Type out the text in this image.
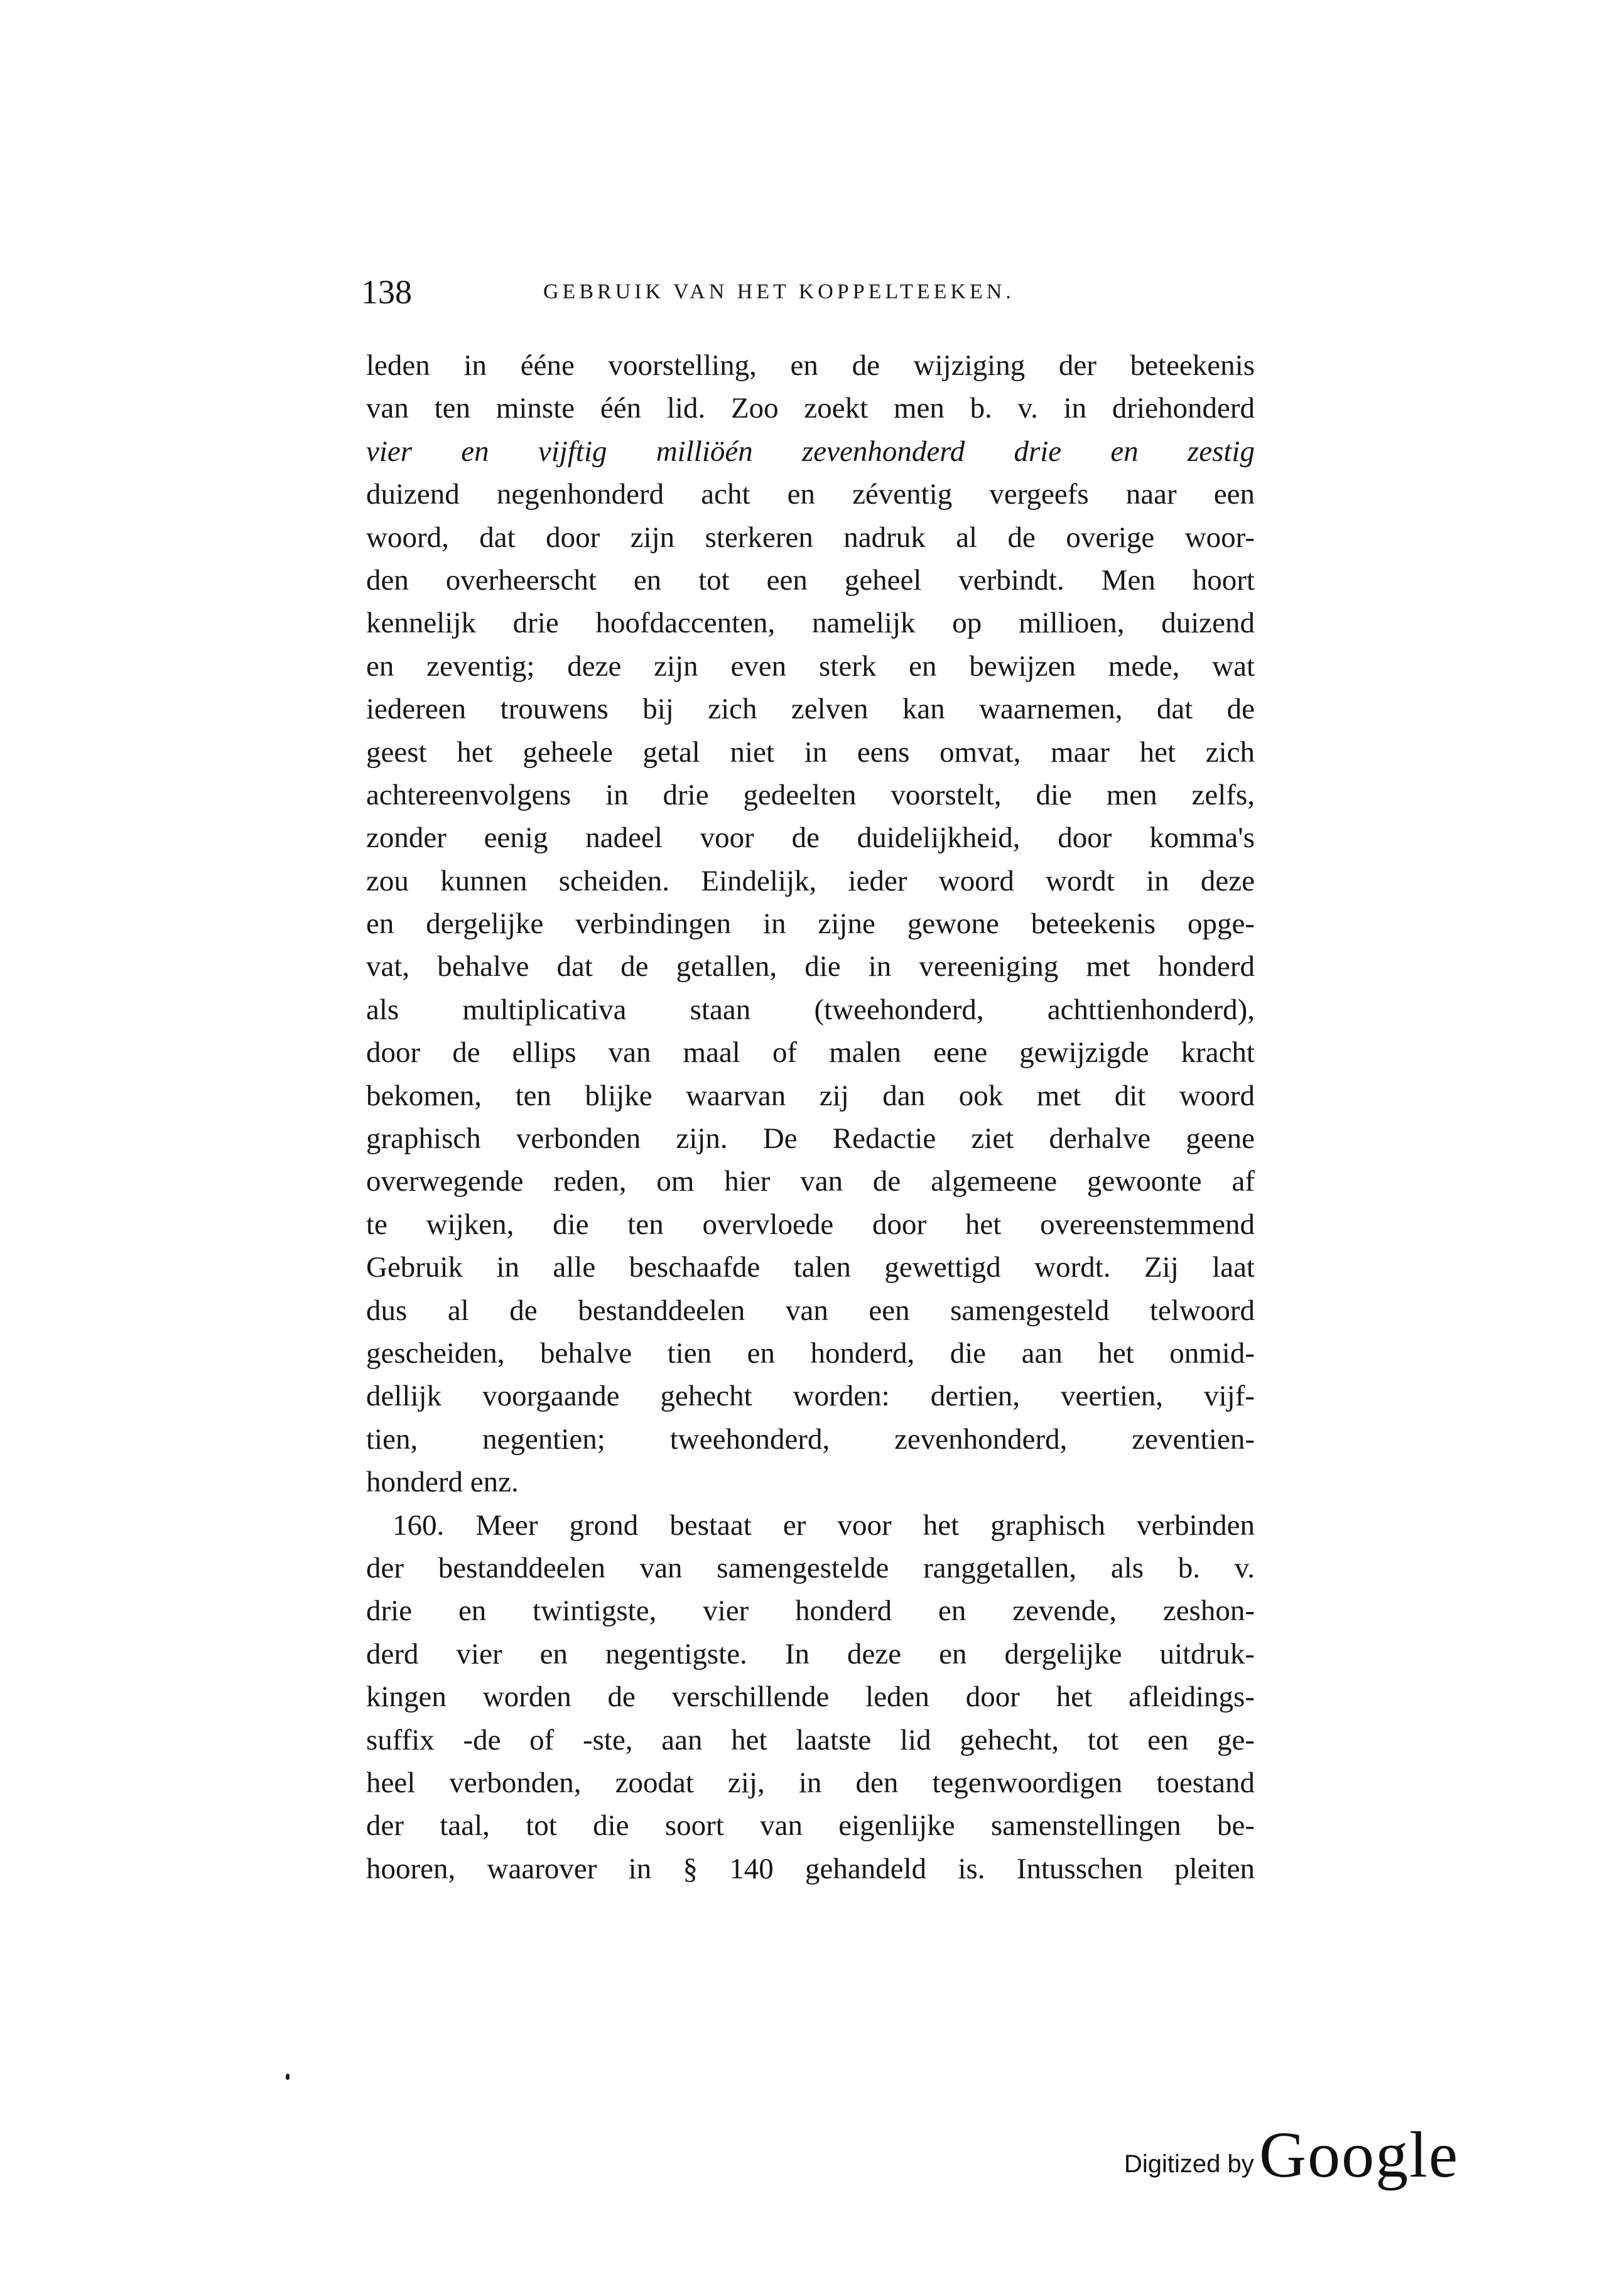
138	GEBRUIK VAN HET KOPPELTEEKEN.
leden in ééne voorstelling, en de wijziging der beteekenis
van ten minste één lid. Zoo zoekt men b. v. in driehonderd
vier en vijftig milliöén zevenhonderd drie en zestig
duizend negenhonderd acht en zéventig vergeefs naar een
woord, dat door zijn sterkeren nadruk al de overige woor-
den overheerscht en tot een geheel verbindt. Men hoort
kennelijk drie hoofdaccenten, namelijk op millioen, duizend
en zeventig; deze zijn even sterk en bewijzen mede, wat
iedereen trouwens bij zich zelven kan waarnemen, dat de
geest het geheele getal niet in eens omvat, maar het zich
achtereenvolgens in drie gedeelten voorstelt, die men zelfs,
zonder eenig nadeel voor de duidelijkheid, door komma's
zou kunnen scheiden. Eindelijk, ieder woord wordt in deze
en dergelijke verbindingen in zijne gewone beteekenis opge-
vat, behalve dat de getallen, die in vereeniging met honderd
als multiplicativa staan (tweehonderd, achttienhonderd),
door de ellips van maal of malen eene gewijzigde kracht
bekomen, ten blijke waarvan zij dan ook met dit woord
graphisch verbonden zijn. De Redactie ziet derhalve geene
overwegende reden, om hier van de algemeene gewoonte af
te wijken, die ten overvloede door het overeenstemmend
Gebruik in alle beschaafde talen gewettigd wordt. Zij laat
dus al de bestanddeelen van een samengesteld telwoord
gescheiden, behalve tien en honderd, die aan het onmid-
dellijk voorgaande gehecht worden: dertien, veertien, vijf-
tien, negentien; tweehonderd, zevenhonderd, zeventien-
honderd enz.
160. Meer grond bestaat er voor het graphisch verbinden
der bestanddeelen van samengestelde ranggetallen, als b. v.
drie en twintigste, vier honderd en zevende, zeshon-
derd vier en negentigste. In deze en dergelijke uitdruk-
kingen worden de verschillende leden door het afleidings-
suffix -de of -ste, aan het laatste lid gehecht, tot een ge-
heel verbonden, zoodat zij, in den tegenwoordigen toestand
der taal, tot die soort van eigenlijke samenstellingen be-
hooren, waarover in § 140 gehandeld is. Intusschen pleiten
Digitized by Google
